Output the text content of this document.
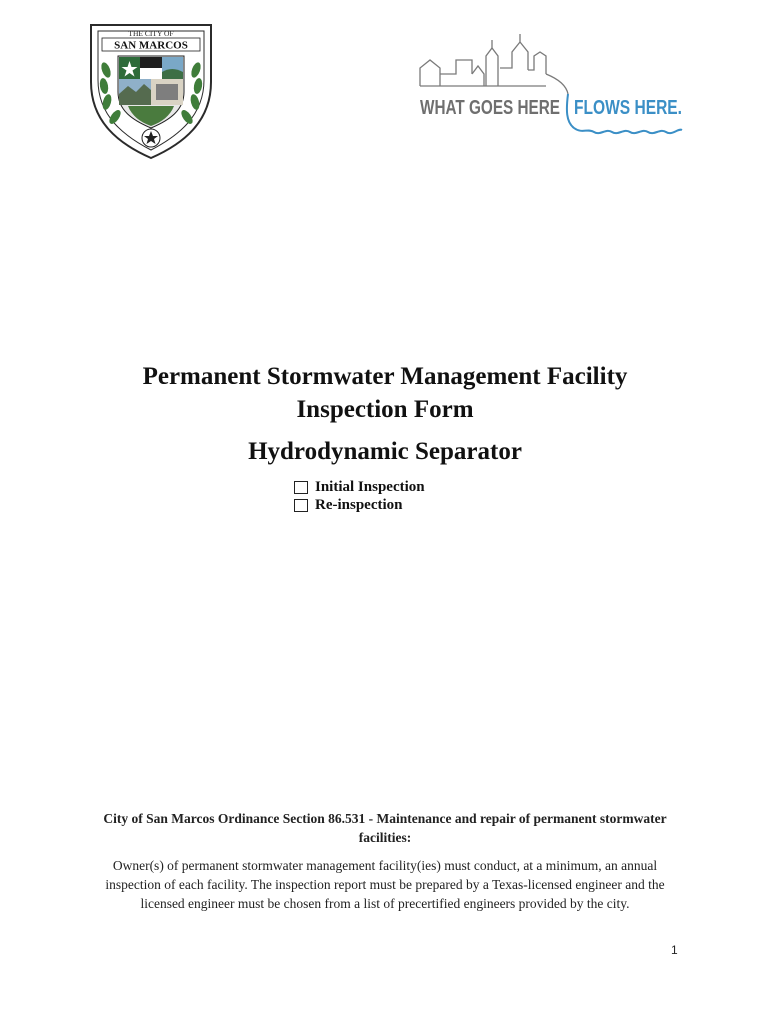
THE CITY OF
SAN MARCOS
WHAT GOES HERE FLOWS HERE.
Permanent Stormwater Management Facility
Inspection Form
Hydrodynamic Separator
Initial Inspection
Re-inspection
City of San Marcos Ordinance Section 86.531 - Maintenance and repair of permanent stormwater
facilities:
Owner(s) of permanent stormwater management facility(ies) must conduct, at a minimum, an annual
inspection of each facility. The inspection report must be prepared by a Texas-licensed engineer and the
licensed engineer must be chosen from a list of precertified engineers provided by the city.
1
